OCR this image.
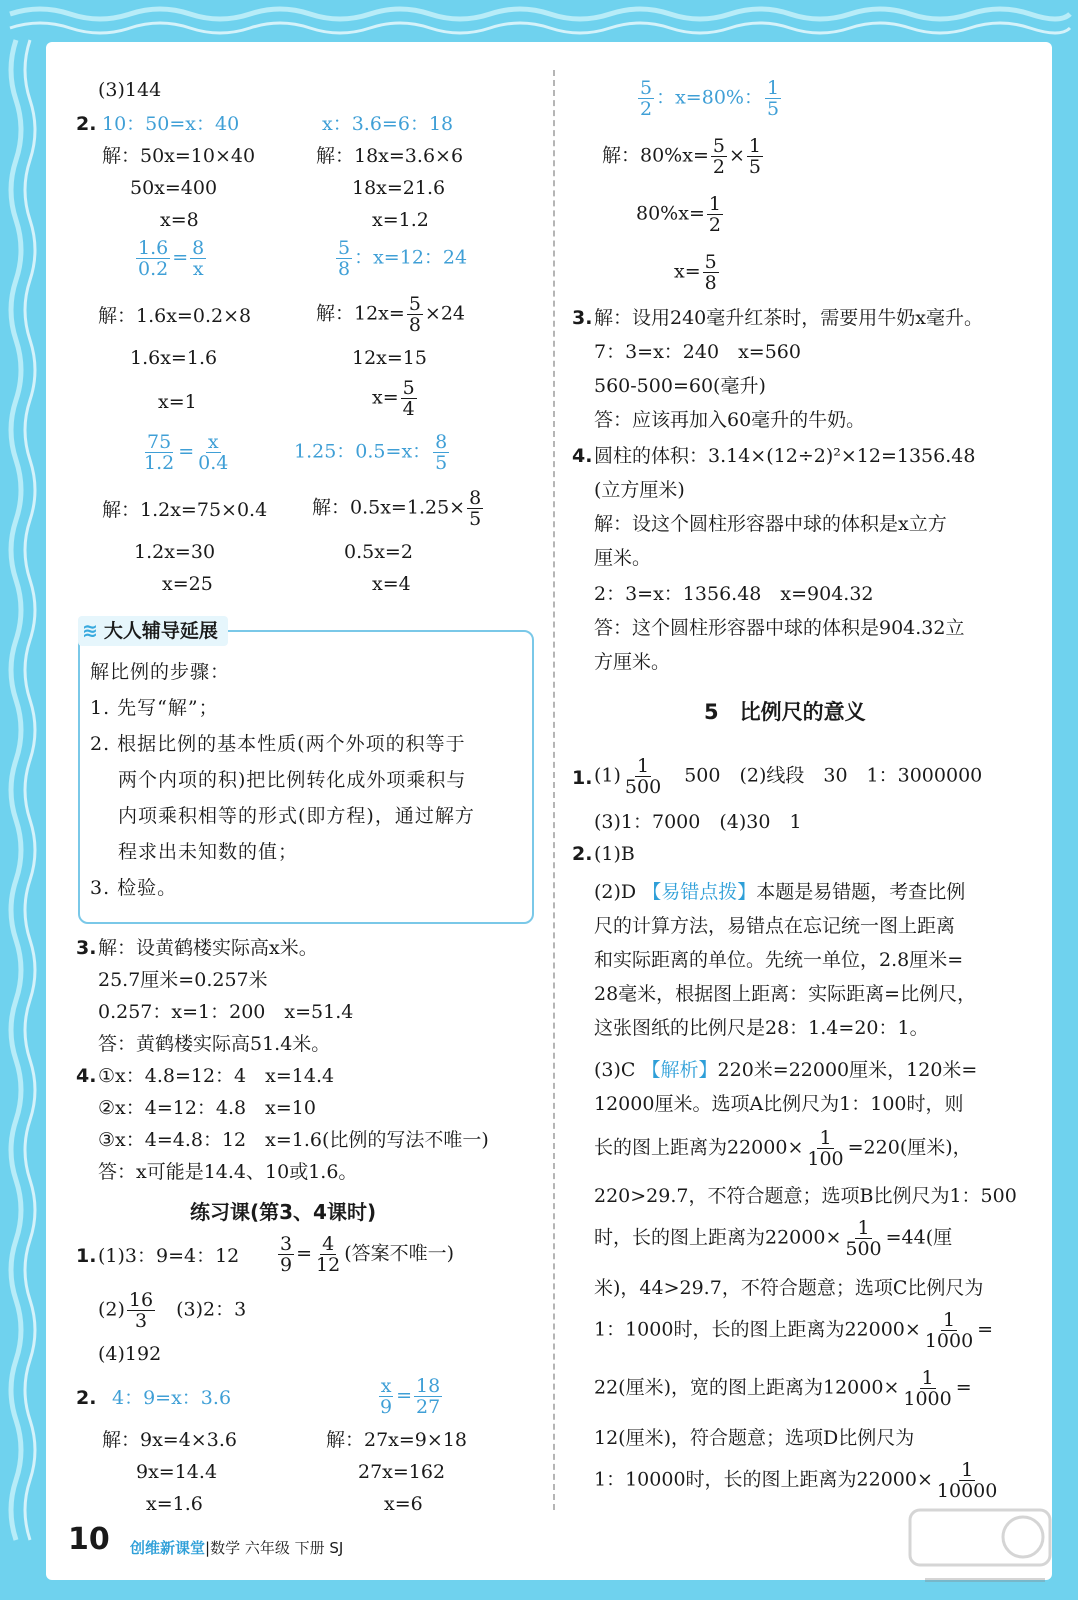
(3)144
2. 10：50=x：40	x：3.6=6：18
解：50x=10×40	解：18x=3.6×6
50x=400	18x=21.6
x=8	x=1.2
$\frac{1.6}{0.2} = \frac{8}{x}$	$\frac{5}{8}$ ：x=12：24
解：1.6x=0.2×8	解：$12x= \frac{5}{8} \times 24$
1.6x=1.6	12x=15
x=1	$x= \frac{5}{4}$
$\frac{75}{1.2} = \frac{x}{0.4}$	1.25：0.5=x： $\frac{8}{5}$
解：1.2x=75×0.4 解：$0.5x=1.25\times \frac{8}{5}$
1.2x=30	0.5x=2
x=25	x=4
≋ 大人辅导延展
解比例的步骤：
1. 先写“解”；
2. 根据比例的基本性质(两个外项的积等于
两个内项的积)把比例转化成外项乘积与
内项乘积相等的形式(即方程)，通过解方
程求出未知数的值；
3. 检验。
3. 解：设黄鹤楼实际高x米。
25.7厘米=0.257米
0.257：x=1：200　x=51.4
答：黄鹤楼实际高51.4米。
4. ①x：4.8=12：4　x=14.4
②x：4=12：4.8　x=10
③x：4=4.8：12　x=1.6(比例的写法不唯一)
答：x可能是14.4、10或1.6。
练习课(第3、4课时)
1. (1)3：9=4：$12 \frac{3}{9} = \frac{4}{12}$ (答案不唯一)
$(2) \frac{16}{3}$
　 (3)2：3
(4)192
2. 4：9=x：3.6	$\frac{x}{9} = \frac{18}{27}$
解：9x=4×3.6	解：27x=9×18
9x=14.4	27x=162
x=1.6	x=6
$\frac{5}{2}$ ：x=80%： $\frac{1}{5}$
解：$80\%x= \frac{5}{2} \times \frac{1}{5}$
$80\%x= \frac{1}{2}$
$x= \frac{5}{8}$
3. 解：设用240毫升红茶时，需要用牛奶x毫升。
7：3=x：240　x=560
560-500=60(毫升)
答：应该再加入60毫升的牛奶。
4. 圆柱的体积：3.14×(12÷2)²×12=1356.48
(立方厘米)
解：设这个圆柱形容器中球的体积是x立方
厘米。
2：3=x：1356.48　x=904.32
答：这个圆柱形容器中球的体积是904.32立
方厘米。
5　比例尺的意义
1. $(1) \frac{1}{500}$ 　500　(2)线段　30　1：3000000
(3)1：7000　(4)30　1
2. (1)B
(2)D 【易错点拨】本题是易错题，考查比例
尺的计算方法，易错点在忘记统一图上距离
和实际距离的单位。先统一单位，2.8厘米=
28毫米，根据图上距离：实际距离=比例尺，
这张图纸的比例尺是28：1.4=20：1。
(3)C 【解析】220米=22000厘米，120米=
12000厘米。选项A比例尺为1：100时，则
长的图上距离为$22000\times \frac{1}{100} =220$(厘米)，
220>29.7，不符合题意；选项B比例尺为1：500
时，长的图上距离为$22000\times \frac{1}{500} =44$(厘
米)，44>29.7，不符合题意；选项C比例尺为
1：1000时，长的图上距离为$22000\times \frac{1}{1000}$ =
22(厘米)，宽的图上距离为$12000\times \frac{1}{1000}$ =
12(厘米)，符合题意；选项D比例尺为
1：10000时，长的图上距离为$22000\times \frac{1}{10000}$
10 创维新课堂|数学 六年级 下册 SJ
